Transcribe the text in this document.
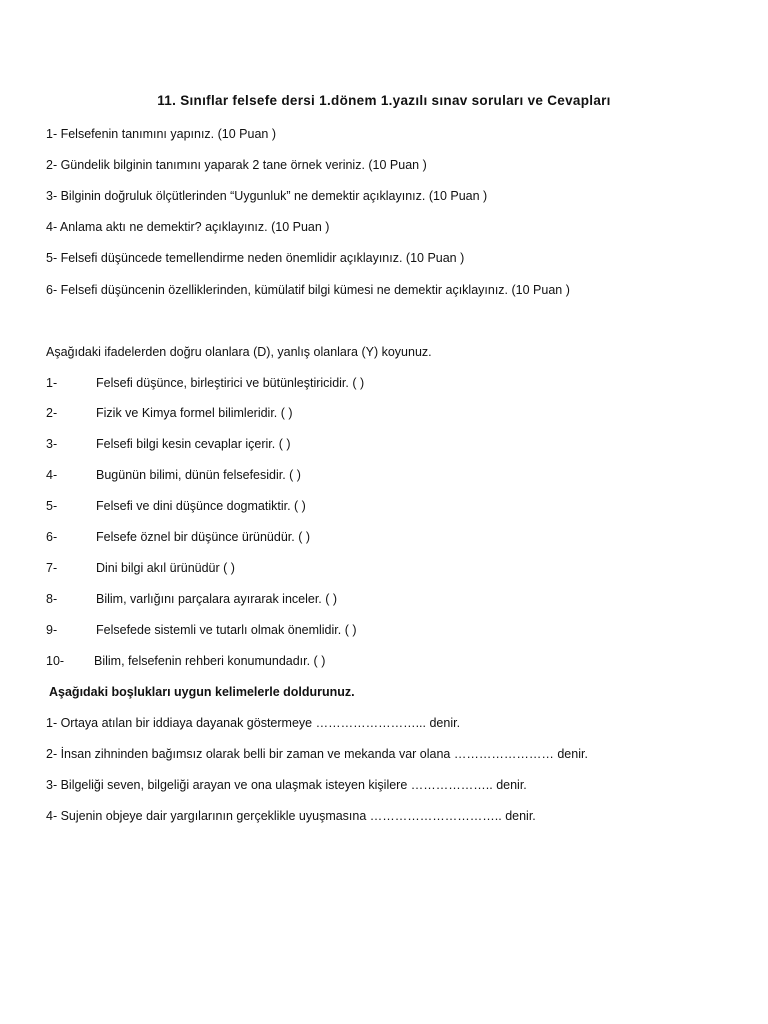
11. Sınıflar felsefe dersi 1.dönem 1.yazılı sınav soruları ve Cevapları
1- Felsefenin tanımını yapınız. (10 Puan )
2- Gündelik bilginin tanımını yaparak 2 tane örnek veriniz. (10 Puan )
3- Bilginin doğruluk ölçütlerinden “Uygunluk” ne demektir açıklayınız. (10 Puan )
4- Anlama aktı ne demektir? açıklayınız. (10 Puan )
5- Felsefi düşüncede temellendirme neden önemlidir açıklayınız. (10 Puan )
6- Felsefi düşüncenin özelliklerinden, kümülatif bilgi kümesi ne demektir açıklayınız. (10 Puan )
Aşağıdaki ifadelerden doğru olanlara (D), yanlış olanlara (Y) koyunuz.
1-	Felsefi düşünce, birleştirici ve bütünleştiricidir. ( )
2-	Fizik ve Kimya formel bilimleridir. ( )
3-	Felsefi bilgi kesin cevaplar içerir. ( )
4-	Bugünün bilimi, dünün felsefesidir. ( )
5-	Felsefi ve dini düşünce dogmatiktir. ( )
6-	Felsefe öznel bir düşünce ürünüdür. ( )
7-	Dini bilgi akıl ürünüdür ( )
8-	Bilim, varlığını parçalara ayırarak inceler. ( )
9-	Felsefede sistemli ve tutarlı olmak önemlidir. ( )
10- Bilim, felsefenin rehberi konumundadır. ( )
Aşağıdaki boşlukları uygun kelimelerle doldurunuz.
1- Ortaya atılan bir iddiaya dayanak göstermeye ……………………... denir.
2- İnsan zihninden bağımsız olarak belli bir zaman ve mekanda var olana …………………… denir.
3- Bilgeliği seven, bilgeliği arayan ve ona ulaşmak isteyen kişilere ……………….. denir.
4- Sujenin objeye dair yargılarının gerçeklikle uyuşmasına ………………………….. denir.
